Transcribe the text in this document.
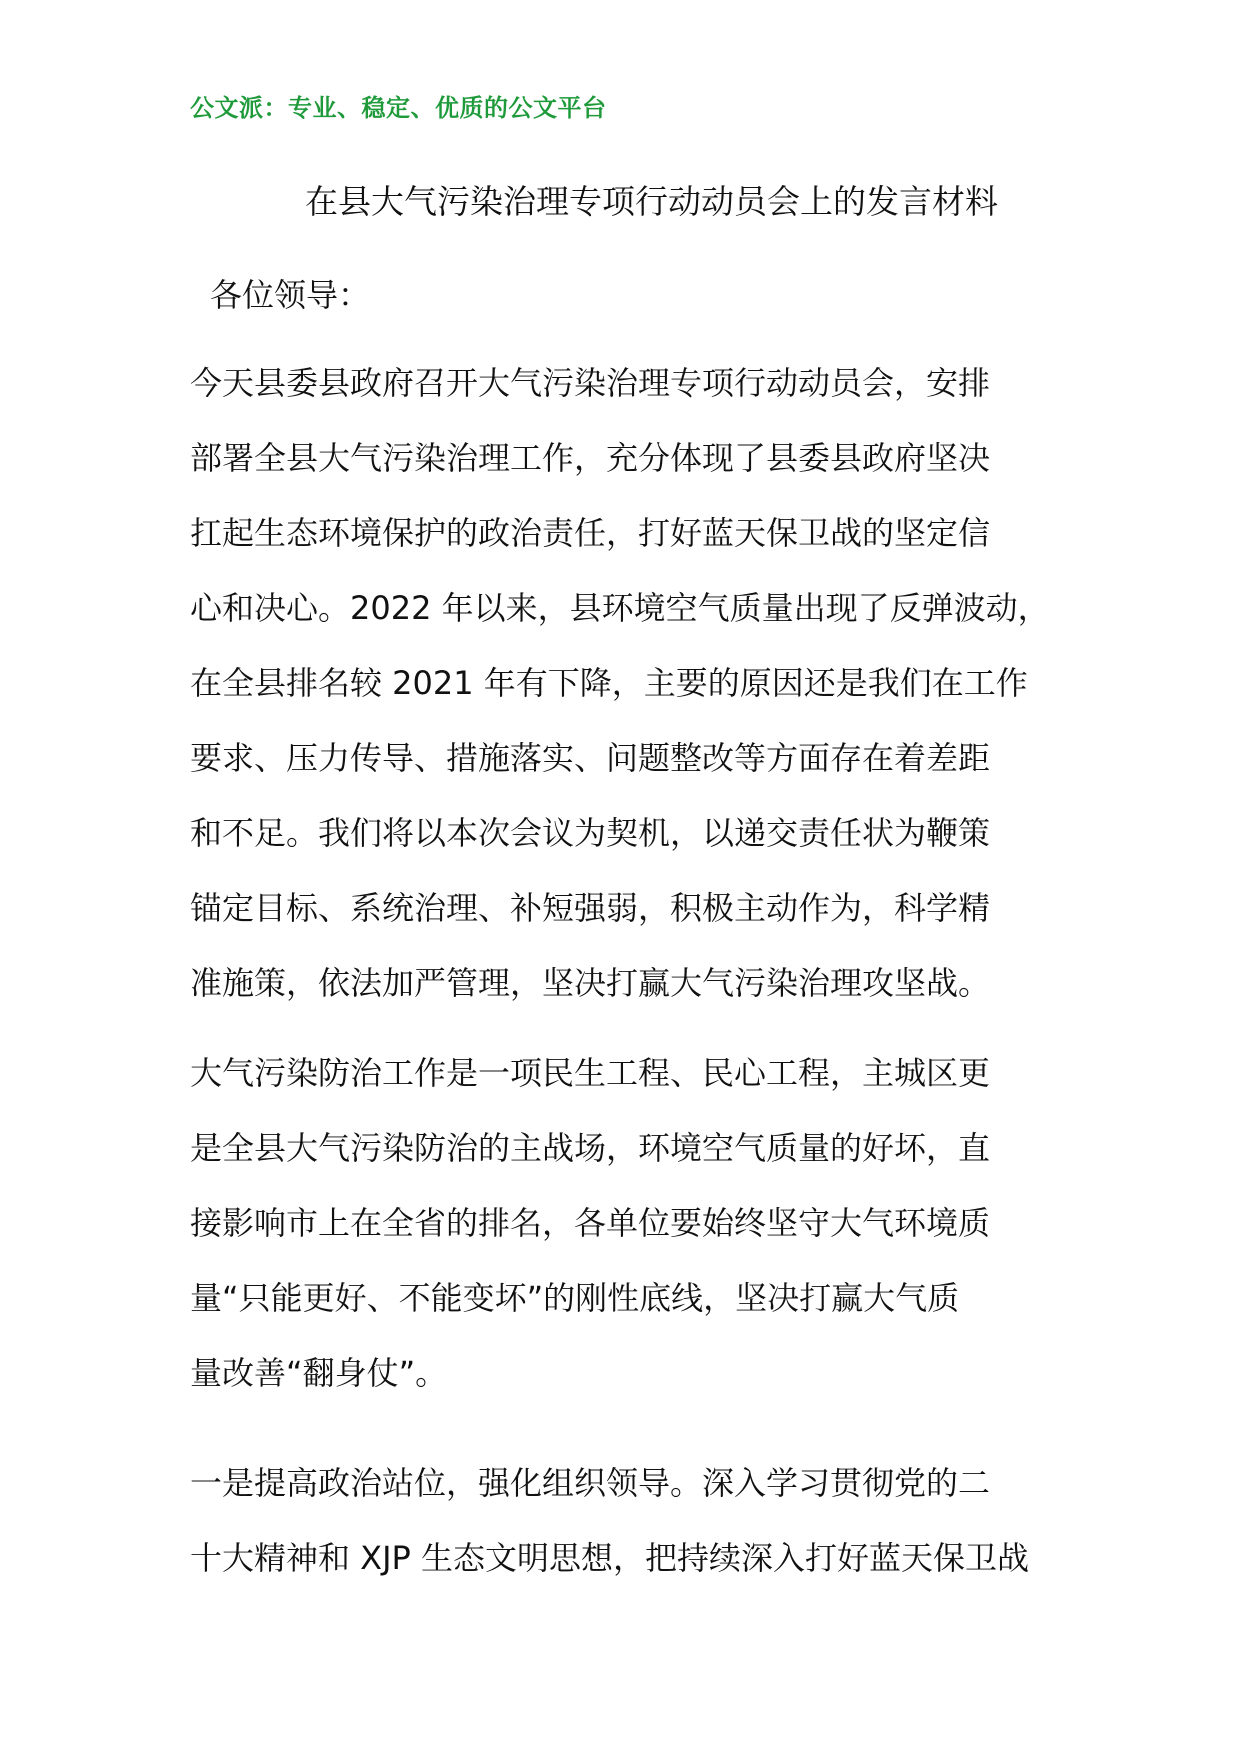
公文派：专业、稳定、优质的公文平台
在县大气污染治理专项行动动员会上的发言材料
各位领导：
今天县委县政府召开大气污染治理专项行动动员会，安排
部署全县大气污染治理工作，充分体现了县委县政府坚决
扛起生态环境保护的政治责任，打好蓝天保卫战的坚定信
心和决心。2022 年以来，县环境空气质量出现了反弹波动，
在全县排名较 2021 年有下降，主要的原因还是我们在工作
要求、压力传导、措施落实、问题整改等方面存在着差距
和不足。我们将以本次会议为契机，以递交责任状为鞭策
锚定目标、系统治理、补短强弱，积极主动作为，科学精
准施策，依法加严管理，坚决打赢大气污染治理攻坚战。
大气污染防治工作是一项民生工程、民心工程，主城区更
是全县大气污染防治的主战场，环境空气质量的好坏，直
接影响市上在全省的排名，各单位要始终坚守大气环境质
量“只能更好、不能变坏”的刚性底线，坚决打赢大气质
量改善“翻身仗”。
一是提高政治站位，强化组织领导。深入学习贯彻党的二
十大精神和 XJP 生态文明思想，把持续深入打好蓝天保卫战
